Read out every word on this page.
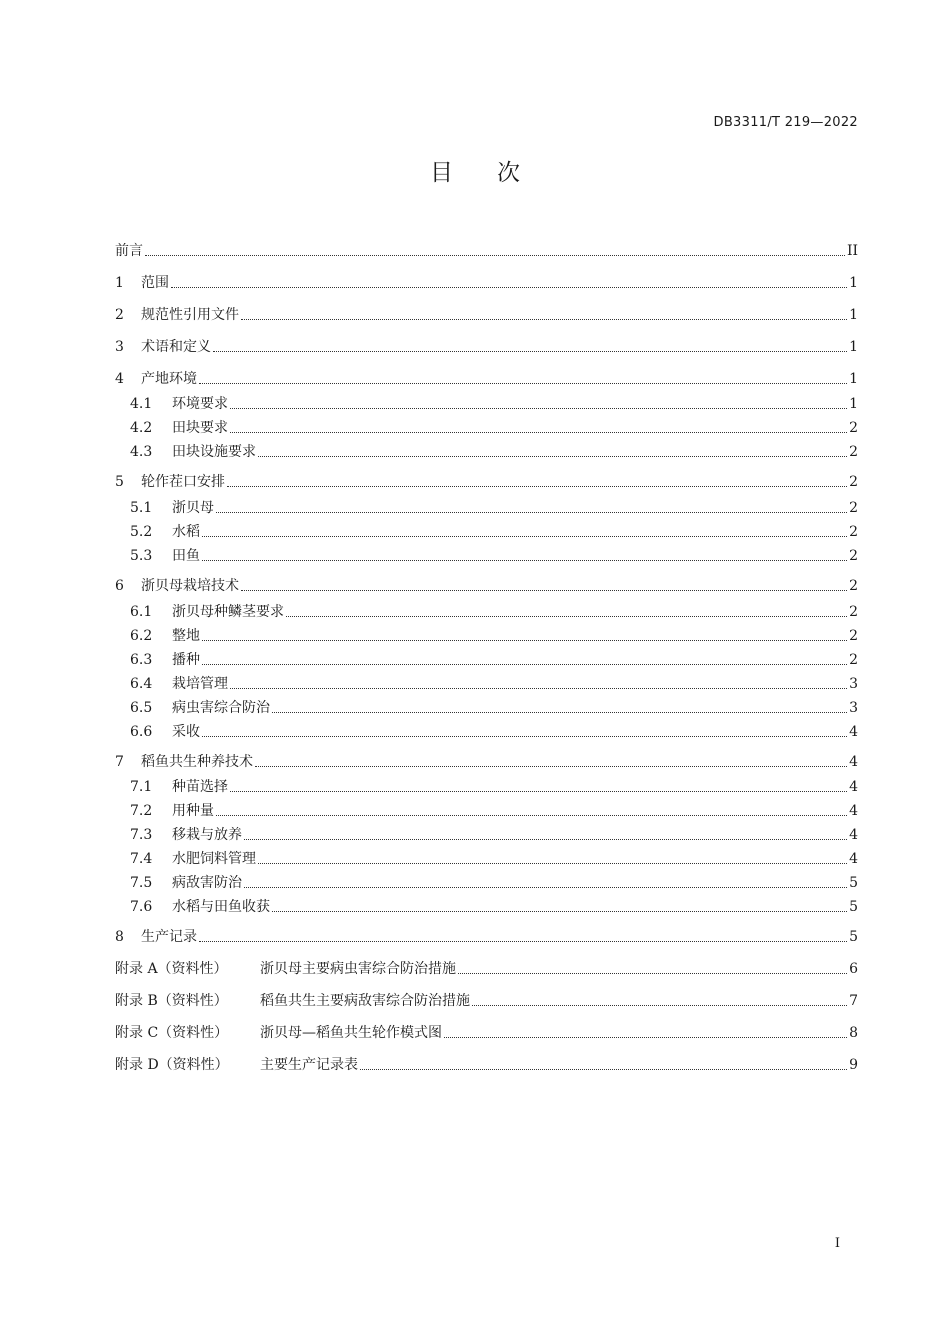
DB3311/T 219—2022
目 次
前言	II
1	范围	1
2	规范性引用文件	1
3	术语和定义	1
4	产地环境	1
4.1	环境要求	1
4.2	田块要求	2
4.3	田块设施要求	2
5	轮作茬口安排	2
5.1	浙贝母	2
5.2	水稻	2
5.3	田鱼	2
6	浙贝母栽培技术	2
6.1	浙贝母种鳞茎要求	2
6.2	整地	2
6.3	播种	2
6.4	栽培管理	3
6.5	病虫害综合防治	3
6.6	采收	4
7	稻鱼共生种养技术	4
7.1	种苗选择	4
7.2	用种量	4
7.3	移栽与放养	4
7.4	水肥饲料管理	4
7.5	病敌害防治	5
7.6	水稻与田鱼收获	5
8	生产记录	5
附录 A（资料性）	浙贝母主要病虫害综合防治措施	6
附录 B（资料性）	稻鱼共生主要病敌害综合防治措施	7
附录 C（资料性）	浙贝母—稻鱼共生轮作模式图	8
附录 D（资料性）	主要生产记录表	9
I
